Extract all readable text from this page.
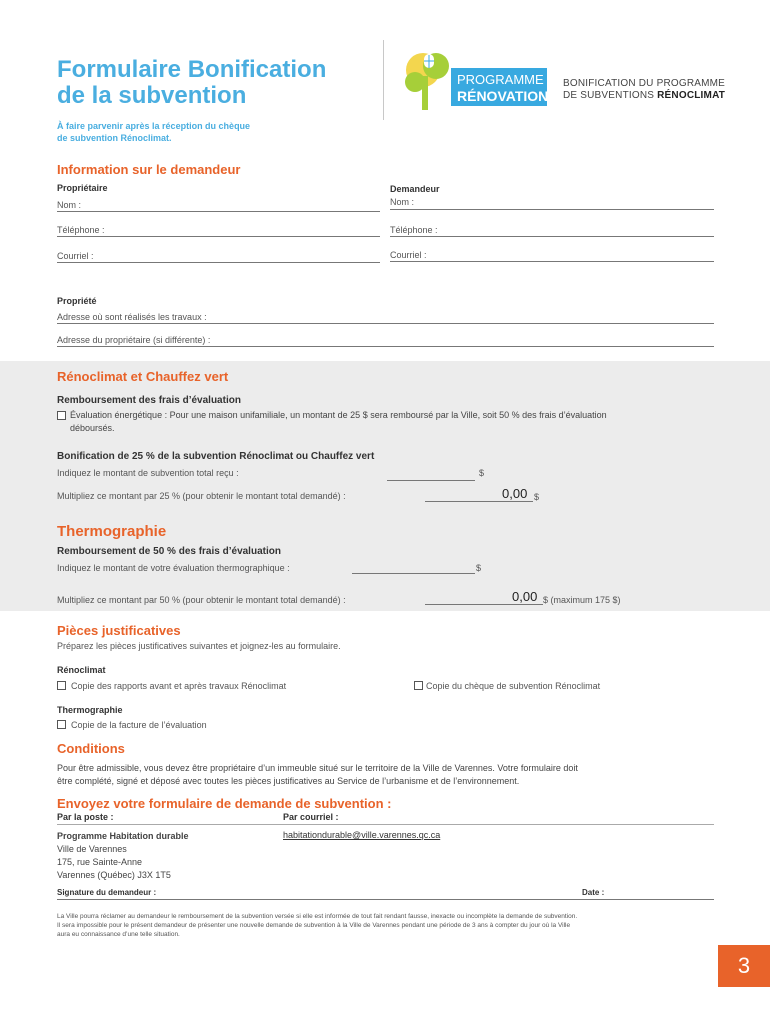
Formulaire Bonification
de la subvention
À faire parvenir après la réception du chèque
de subvention Rénoclimat.
PROGRAMME
RÉNOVATION
BONIFICATION DU PROGRAMME
DE SUBVENTIONS RÉNOCLIMAT
Information sur le demandeur
Propriétaire	Demandeur
Nom :	Nom :
Téléphone :	Téléphone :
Courriel :	Courriel :
Propriété
Adresse où sont réalisés les travaux :
Adresse du propriétaire (si différente) :
Rénoclimat et Chauffez vert
Remboursement des frais d’évaluation
Évaluation énergétique : Pour une maison unifamiliale, un montant de 25 $ sera remboursé par la Ville, soit 50 % des frais d’évaluation
déboursés.
Bonification de 25 % de la subvention Rénoclimat ou Chauffez vert
Indiquez le montant de subvention total reçu :	$
Multipliez ce montant par 25 % (pour obtenir le montant total demandé) :	0,00 $
Thermographie
Remboursement de 50 % des frais d’évaluation
Indiquez le montant de votre évaluation thermographique :	$
Multipliez ce montant par 50 % (pour obtenir le montant total demandé) :	0,00 $ (maximum 175 $)
Pièces justificatives
Préparez les pièces justificatives suivantes et joignez-les au formulaire.
Rénoclimat
Copie des rapports avant et après travaux Rénoclimat	Copie du chèque de subvention Rénoclimat
Thermographie
Copie de la facture de l’évaluation
Conditions
Pour être admissible, vous devez être propriétaire d’un immeuble situé sur le territoire de la Ville de Varennes. Votre formulaire doit
être complété, signé et déposé avec toutes les pièces justificatives au Service de l’urbanisme et de l’environnement.
Envoyez votre formulaire de demande de subvention :
Par la poste :	Par courriel :
Programme Habitation durable
Ville de Varennes
175, rue Sainte-Anne
Varennes (Québec) J3X 1T5
habitationdurable@ville.varennes.qc.ca
Signature du demandeur :	Date :
La Ville pourra réclamer au demandeur le remboursement de la subvention versée si elle est informée de tout fait rendant fausse, inexacte ou incomplète la demande de subvention.
Il sera impossible pour le présent demandeur de présenter une nouvelle demande de subvention à la Ville de Varennes pendant une période de 3 ans à compter du jour où la Ville
aura eu connaissance d’une telle situation.
3
